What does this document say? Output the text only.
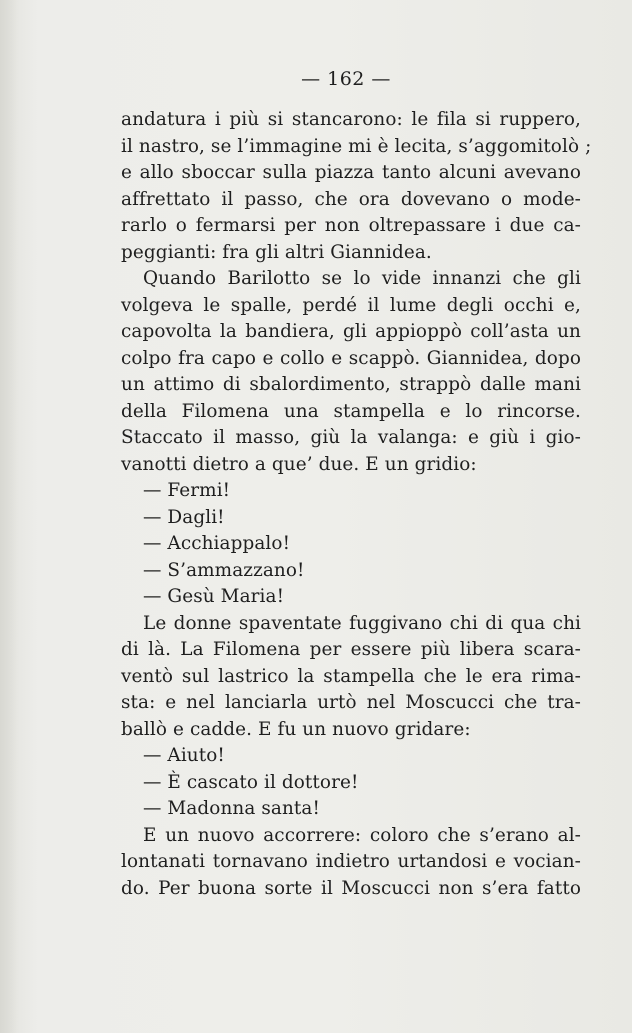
— 162 —
andatura i più si stancarono: le fila si ruppero,
il nastro, se l’immagine mi è lecita, s’aggomitolò ;
e allo sboccar sulla piazza tanto alcuni avevano
affrettato il passo, che ora dovevano o mode-
rarlo o fermarsi per non oltrepassare i due ca-
peggianti: fra gli altri Giannidea.
Quando Barilotto se lo vide innanzi che gli
volgeva le spalle, perdé il lume degli occhi e,
capovolta la bandiera, gli appioppò coll’asta un
colpo fra capo e collo e scappò. Giannidea, dopo
un attimo di sbalordimento, strappò dalle mani
della Filomena una stampella e lo rincorse.
Staccato il masso, giù la valanga: e giù i gio-
vanotti dietro a que’ due. E un gridio:
— Fermi!
— Dagli!
— Acchiappalo!
— S’ammazzano!
— Gesù Maria!
Le donne spaventate fuggivano chi di qua chi
di là. La Filomena per essere più libera scara-
ventò sul lastrico la stampella che le era rima-
sta: e nel lanciarla urtò nel Moscucci che tra-
ballò e cadde. E fu un nuovo gridare:
— Aiuto!
— È cascato il dottore!
— Madonna santa!
E un nuovo accorrere: coloro che s’erano al-
lontanati tornavano indietro urtandosi e vocian-
do. Per buona sorte il Moscucci non s’era fatto
